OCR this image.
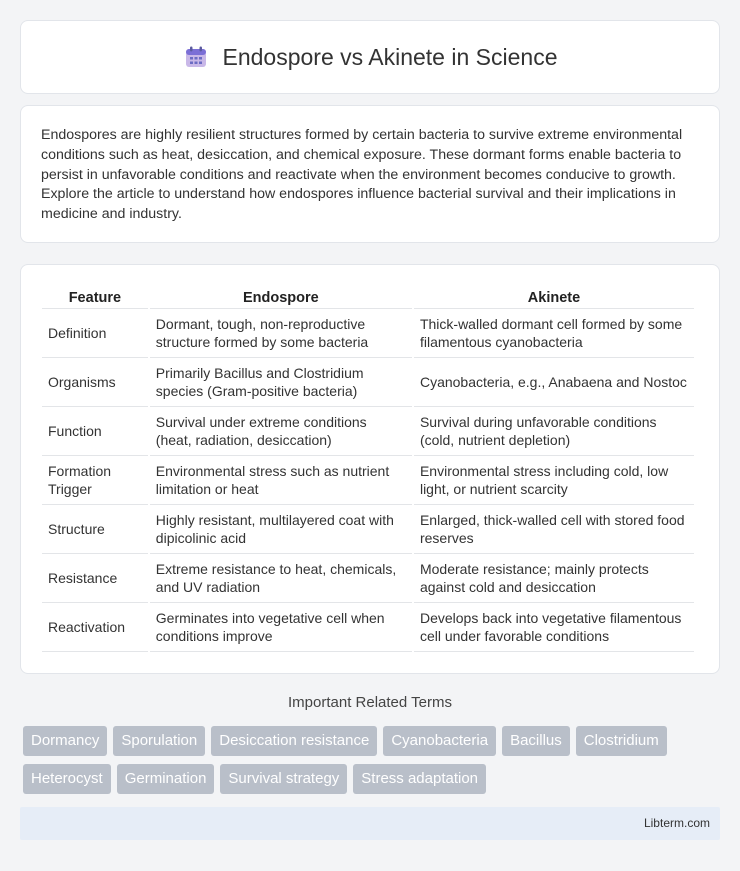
Endospore vs Akinete in Science

Endospores are highly resilient structures formed by certain bacteria to survive extreme environmental conditions such as heat, desiccation, and chemical exposure. These dormant forms enable bacteria to persist in unfavorable conditions and reactivate when the environment becomes conducive to growth. Explore the article to understand how endospores influence bacterial survival and their implications in medicine and industry.

Feature	Endospore	Akinete
Definition	Dormant, tough, non-reproductive structure formed by some bacteria	Thick-walled dormant cell formed by some filamentous cyanobacteria
Organisms	Primarily Bacillus and Clostridium species (Gram-positive bacteria)	Cyanobacteria, e.g., Anabaena and Nostoc
Function	Survival under extreme conditions (heat, radiation, desiccation)	Survival during unfavorable conditions (cold, nutrient depletion)
Formation Trigger	Environmental stress such as nutrient limitation or heat	Environmental stress including cold, low light, or nutrient scarcity
Structure	Highly resistant, multilayered coat with dipicolinic acid	Enlarged, thick-walled cell with stored food reserves
Resistance	Extreme resistance to heat, chemicals, and UV radiation	Moderate resistance; mainly protects against cold and desiccation
Reactivation	Germinates into vegetative cell when conditions improve	Develops back into vegetative filamentous cell under favorable conditions
Important Related Terms
Dormancy	Sporulation	Desiccation resistance	Cyanobacteria	Bacillus	Clostridium
Heterocyst	Germination	Survival strategy	Stress adaptation
Libterm.com
